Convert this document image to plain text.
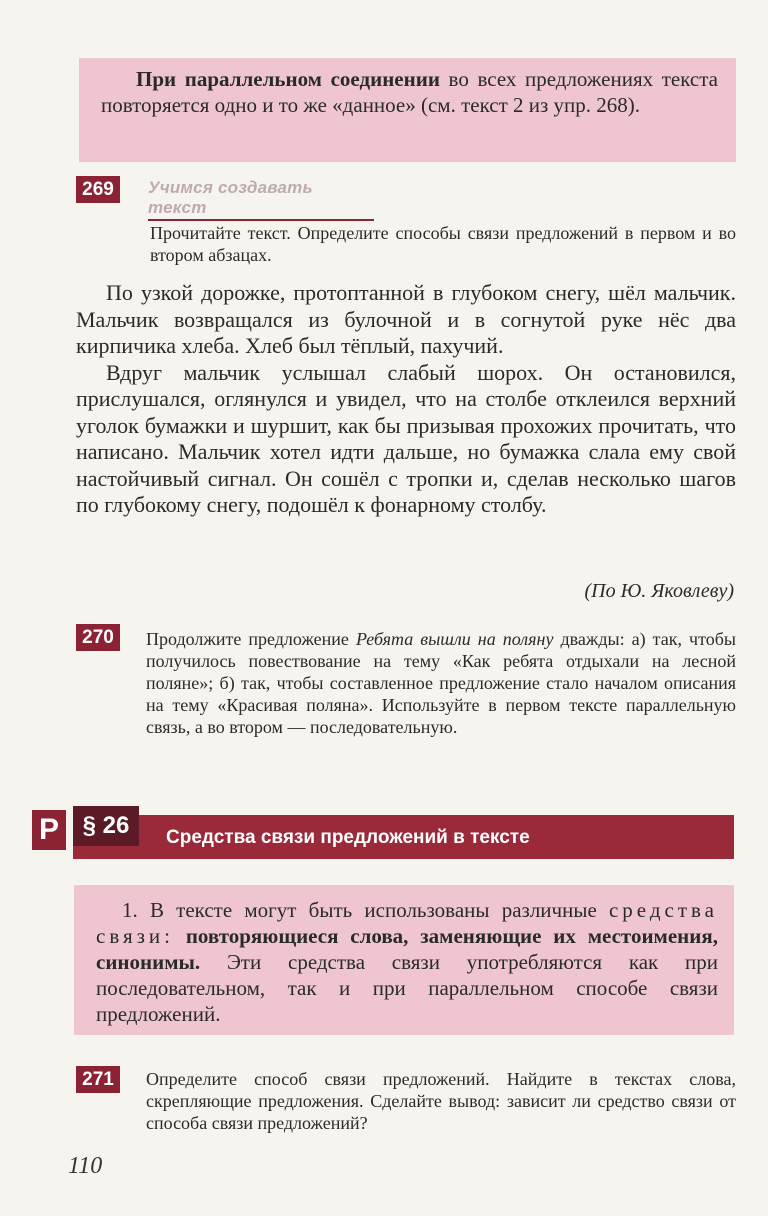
При параллельном соединении во всех предложениях текста повторяется одно и то же «данное» (см. текст 2 из упр. 268).

269	Учимся создавать текст

Прочитайте текст. Определите способы связи предложений в первом и во втором абзацах.

По узкой дорожке, протоптанной в глубоком снегу, шёл мальчик. Мальчик возвращался из булочной и в согнутой руке нёс два кирпичика хлеба. Хлеб был тёплый, пахучий.

Вдруг мальчик услышал слабый шорох. Он остановился, прислушался, оглянулся и увидел, что на столбе отклеился верхний уголок бумажки и шуршит, как бы призывая прохожих прочитать, что написано. Мальчик хотел идти дальше, но бумажка слала ему свой настойчивый сигнал. Он сошёл с тропки и, сделав несколько шагов по глубокому снегу, подошёл к фонарному столбу.

(По Ю. Яковлеву)
270	Продолжите предложение Ребята вышли на поляну дважды: а) так, чтобы получилось повествование на тему «Как ребята отдыхали на лесной поляне»; б) так, чтобы составленное предложение стало началом описания на тему «Красивая поляна». Используйте в первом тексте параллельную связь, а во втором — последовательную.

Р § 26	Средства связи предложений в тексте

1. В тексте могут быть использованы различные средства связи: повторяющиеся слова, заменяющие их местоимения, синонимы. Эти средства связи употребляются как при последовательном, так и при параллельном способе связи предложений.

271	Определите способ связи предложений. Найдите в текстах слова, скрепляющие предложения. Сделайте вывод: зависит ли средство связи от способа связи предложений?

110
